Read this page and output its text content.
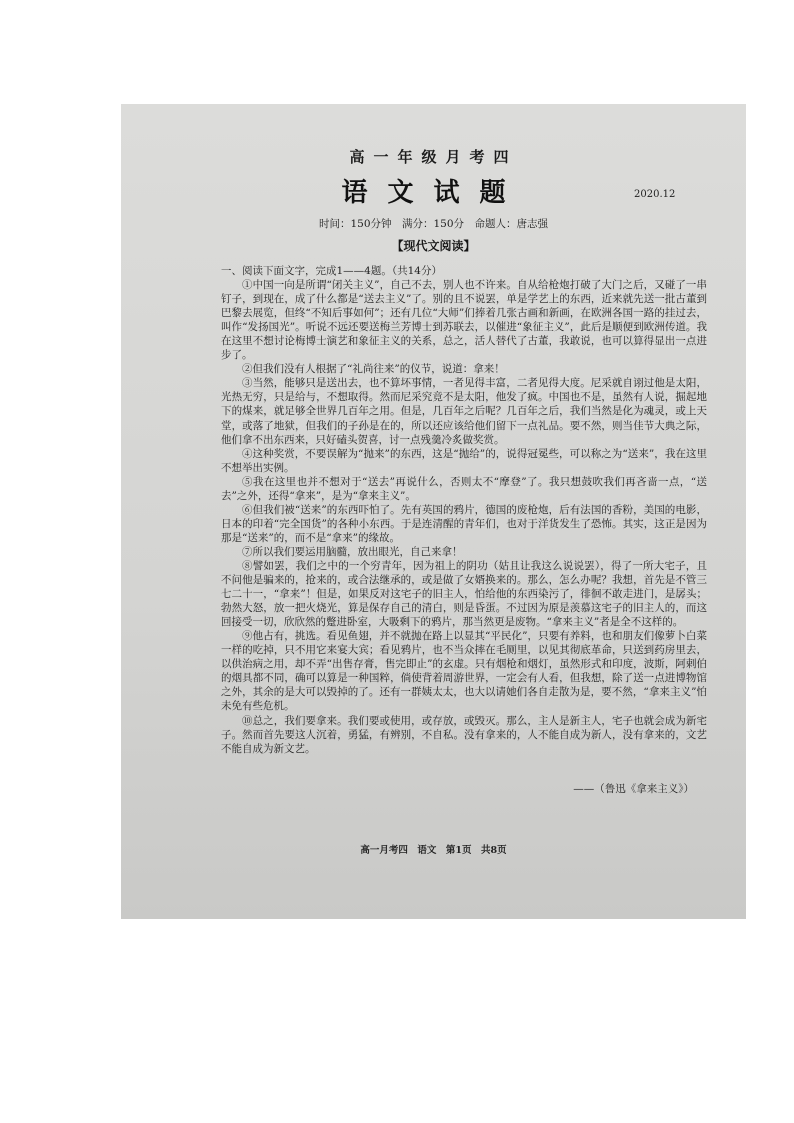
高一年级月考四
语文试题	2020.12
时间：150分钟　满分：150分　命题人：唐志强
【现代文阅读】

一、阅读下面文字，完成1——4题。（共14分）

①中国一向是所谓“闭关主义”，自己不去，别人也不许来。自从给枪炮打破了大门之后，又碰了一串钉子，到现在，成了什么都是“送去主义”了。别的且不说罢，单是学艺上的东西，近来就先送一批古董到巴黎去展览，但终“不知后事如何”；还有几位“大师”们捧着几张古画和新画，在欧洲各国一路的挂过去，叫作“发扬国光”。听说不远还要送梅兰芳博士到苏联去，以催进“象征主义”，此后是顺便到欧洲传道。我在这里不想讨论梅博士演艺和象征主义的关系，总之，活人替代了古董，我敢说，也可以算得显出一点进步了。

②但我们没有人根据了“礼尚往来”的仪节，说道：拿来！

③当然，能够只是送出去，也不算坏事情，一者见得丰富，二者见得大度。尼采就自诩过他是太阳，光热无穷，只是给与，不想取得。然而尼采究竟不是太阳，他发了疯。中国也不是，虽然有人说，掘起地下的煤来，就足够全世界几百年之用。但是，几百年之后呢？几百年之后，我们当然是化为魂灵，或上天堂，或落了地狱，但我们的子孙是在的，所以还应该给他们留下一点礼品。要不然，则当佳节大典之际，他们拿不出东西来，只好磕头贺喜，讨一点残羹冷炙做奖赏。

④这种奖赏，不要误解为“抛来”的东西，这是“抛给”的，说得冠冕些，可以称之为“送来”，我在这里不想举出实例。

⑤我在这里也并不想对于“送去”再说什么，否则太不“摩登”了。我只想鼓吹我们再吝啬一点，“送去”之外，还得“拿来”，是为“拿来主义”。

⑥但我们被“送来”的东西吓怕了。先有英国的鸦片，德国的废枪炮，后有法国的香粉，美国的电影，日本的印着“完全国货”的各种小东西。于是连清醒的青年们，也对于洋货发生了恐怖。其实，这正是因为那是“送来”的，而不是“拿来”的缘故。

⑦所以我们要运用脑髓，放出眼光，自己来拿！

⑧譬如罢，我们之中的一个穷青年，因为祖上的阴功（姑且让我这么说说罢），得了一所大宅子，且不问他是骗来的，抢来的，或合法继承的，或是做了女婿换来的。那么，怎么办呢？我想，首先是不管三七二十一，“拿来”！但是，如果反对这宅子的旧主人，怕给他的东西染污了，徘徊不敢走进门，是孱头；勃然大怒，放一把火烧光，算是保存自己的清白，则是昏蛋。不过因为原是羡慕这宅子的旧主人的，而这回接受一切，欣欣然的蹩进卧室，大吸剩下的鸦片，那当然更是废物。“拿来主义”者是全不这样的。

⑨他占有，挑选。看见鱼翅，并不就抛在路上以显其“平民化”，只要有养料，也和朋友们像萝卜白菜一样的吃掉，只不用它来宴大宾；看见鸦片，也不当众摔在毛厕里，以见其彻底革命，只送到药房里去，以供治病之用，却不弄“出售存膏，售完即止”的玄虚。只有烟枪和烟灯，虽然形式和印度，波斯，阿剌伯的烟具都不同，确可以算是一种国粹，倘使背着周游世界，一定会有人看，但我想，除了送一点进博物馆之外，其余的是大可以毁掉的了。还有一群姨太太，也大以请她们各自走散为是，要不然，“拿来主义”怕未免有些危机。

⑩总之，我们要拿来。我们要或使用，或存放，或毁灭。那么，主人是新主人，宅子也就会成为新宅子。然而首先要这人沉着，勇猛，有辨别，不自私。没有拿来的，人不能自成为新人，没有拿来的，文艺不能自成为新文艺。

——（鲁迅《拿来主义》）
高一月考四　语文　第1页　共8页
